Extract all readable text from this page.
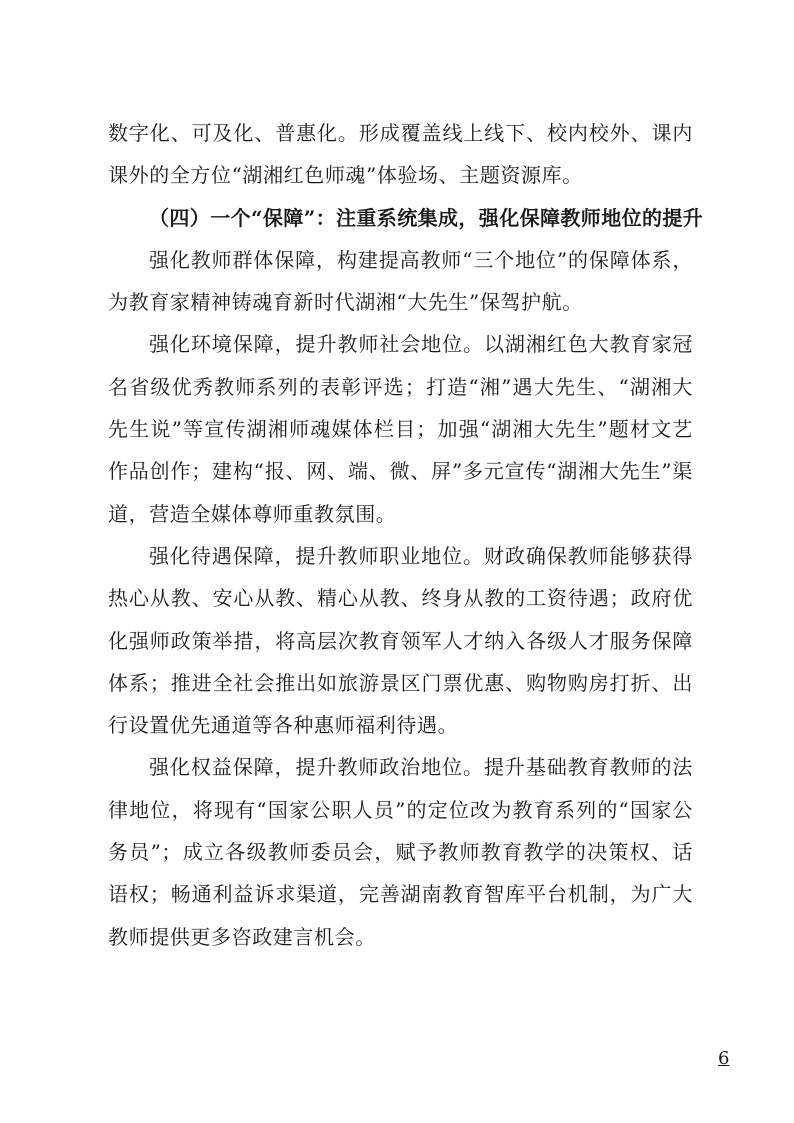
数字化、可及化、普惠化。形成覆盖线上线下、校内校外、课内课外的全方位“湖湘红色师魂”体验场、主题资源库。

（四）一个“保障”：注重系统集成，强化保障教师地位的提升

强化教师群体保障，构建提高教师“三个地位”的保障体系，为教育家精神铸魂育新时代湖湘“大先生”保驾护航。

强化环境保障，提升教师社会地位。以湖湘红色大教育家冠名省级优秀教师系列的表彰评选；打造“湘”遇大先生、“湖湘大先生说”等宣传湖湘师魂媒体栏目；加强“湖湘大先生”题材文艺作品创作；建构“报、网、端、微、屏”多元宣传“湖湘大先生”渠道，营造全媒体尊师重教氛围。

强化待遇保障，提升教师职业地位。财政确保教师能够获得热心从教、安心从教、精心从教、终身从教的工资待遇；政府优化强师政策举措，将高层次教育领军人才纳入各级人才服务保障体系；推进全社会推出如旅游景区门票优惠、购物购房打折、出行设置优先通道等各种惠师福利待遇。

强化权益保障，提升教师政治地位。提升基础教育教师的法律地位，将现有“国家公职人员”的定位改为教育系列的“国家公务员”；成立各级教师委员会，赋予教师教育教学的决策权、话语权；畅通利益诉求渠道，完善湖南教育智库平台机制，为广大教师提供更多咨政建言机会。

6
